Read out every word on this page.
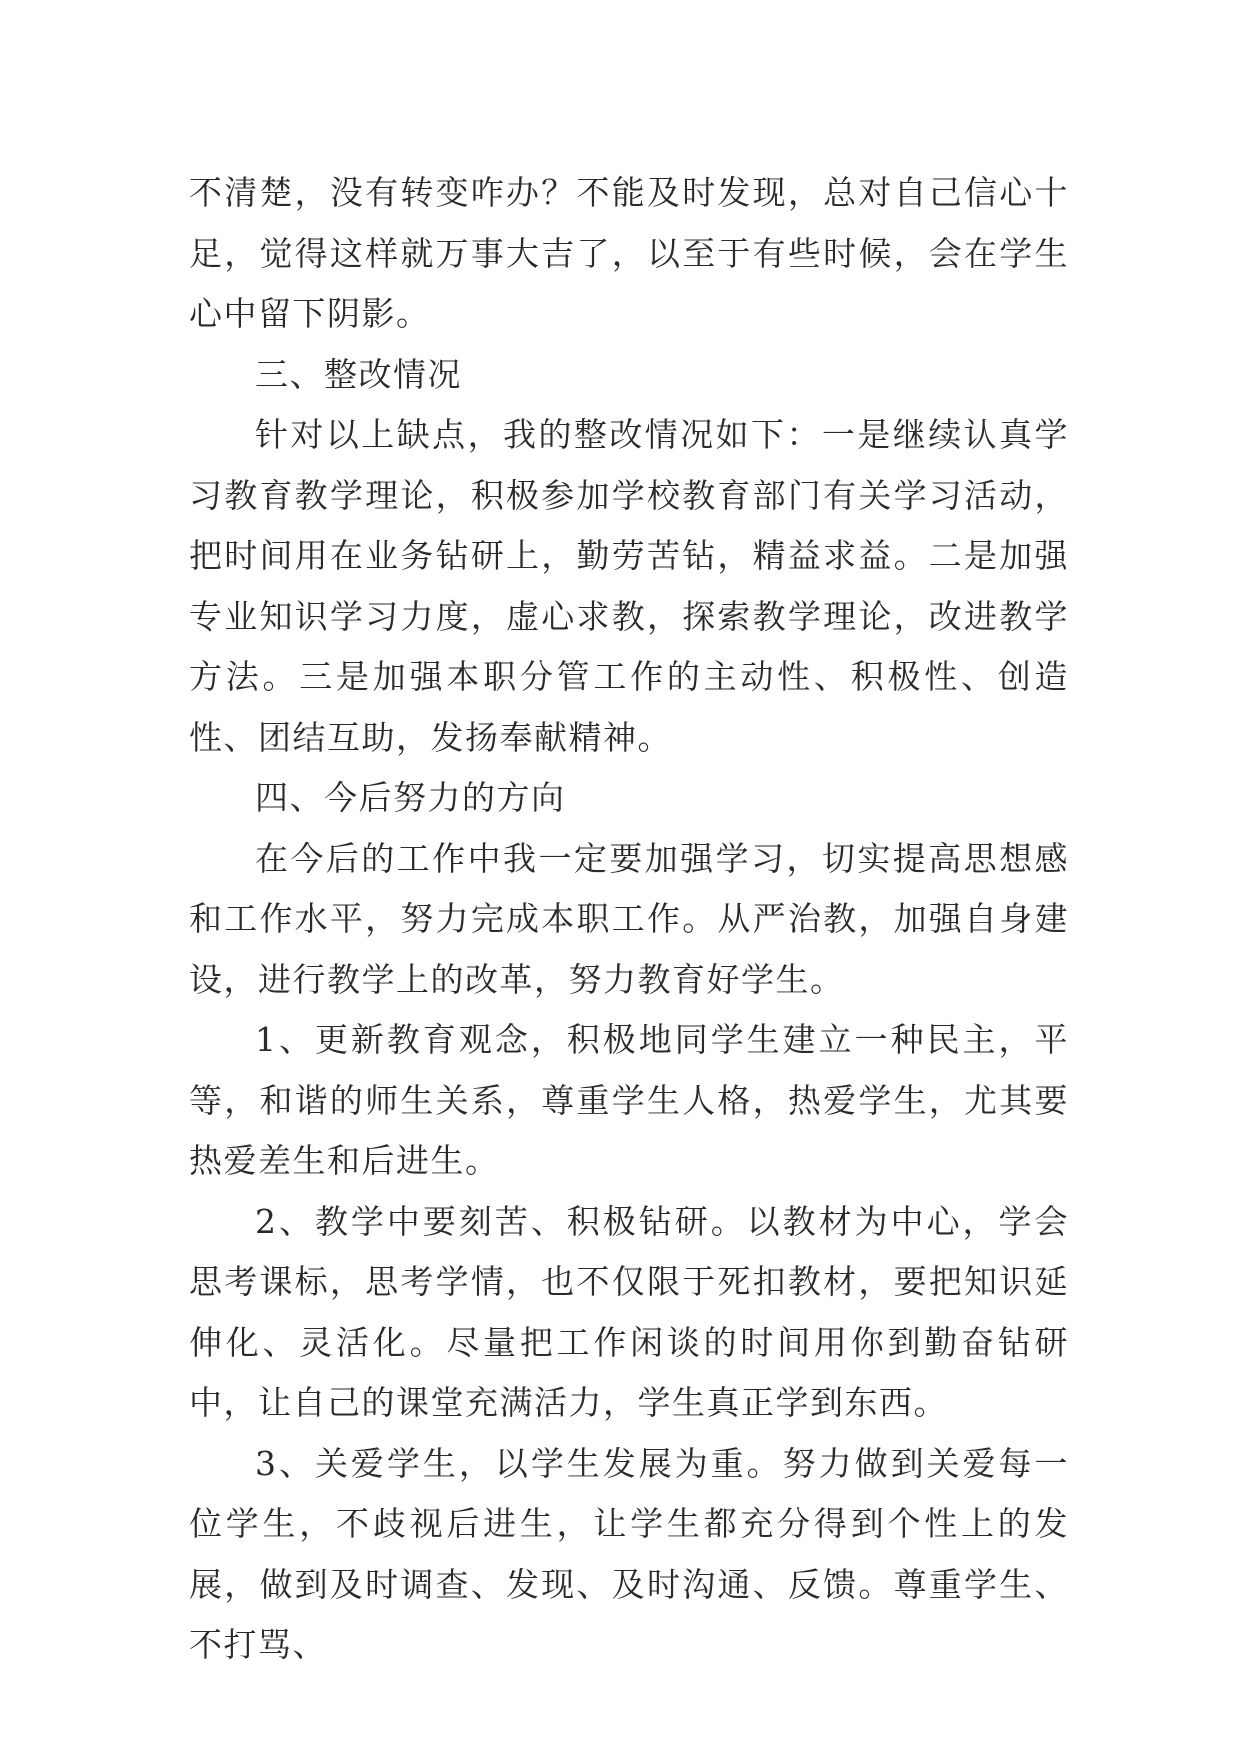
不清楚，没有转变咋办？不能及时发现，总对自己信心十足，觉得这样就万事大吉了，以至于有些时候，会在学生心中留下阴影。

三、整改情况

针对以上缺点，我的整改情况如下：一是继续认真学习教育教学理论，积极参加学校教育部门有关学习活动，把时间用在业务钻研上，勤劳苦钻，精益求益。二是加强专业知识学习力度，虚心求教，探索教学理论，改进教学方法。三是加强本职分管工作的主动性、积极性、创造性、团结互助，发扬奉献精神。

四、今后努力的方向

在今后的工作中我一定要加强学习，切实提高思想感和工作水平，努力完成本职工作。从严治教，加强自身建设，进行教学上的改革，努力教育好学生。

1、更新教育观念，积极地同学生建立一种民主，平等，和谐的师生关系，尊重学生人格，热爱学生，尤其要热爱差生和后进生。

2、教学中要刻苦、积极钻研。以教材为中心，学会思考课标，思考学情，也不仅限于死扣教材，要把知识延伸化、灵活化。尽量把工作闲谈的时间用你到勤奋钻研中，让自己的课堂充满活力，学生真正学到东西。

3、关爱学生，以学生发展为重。努力做到关爱每一位学生，不歧视后进生，让学生都充分得到个性上的发展，做到及时调查、发现、及时沟通、反馈。尊重学生、不打骂、
